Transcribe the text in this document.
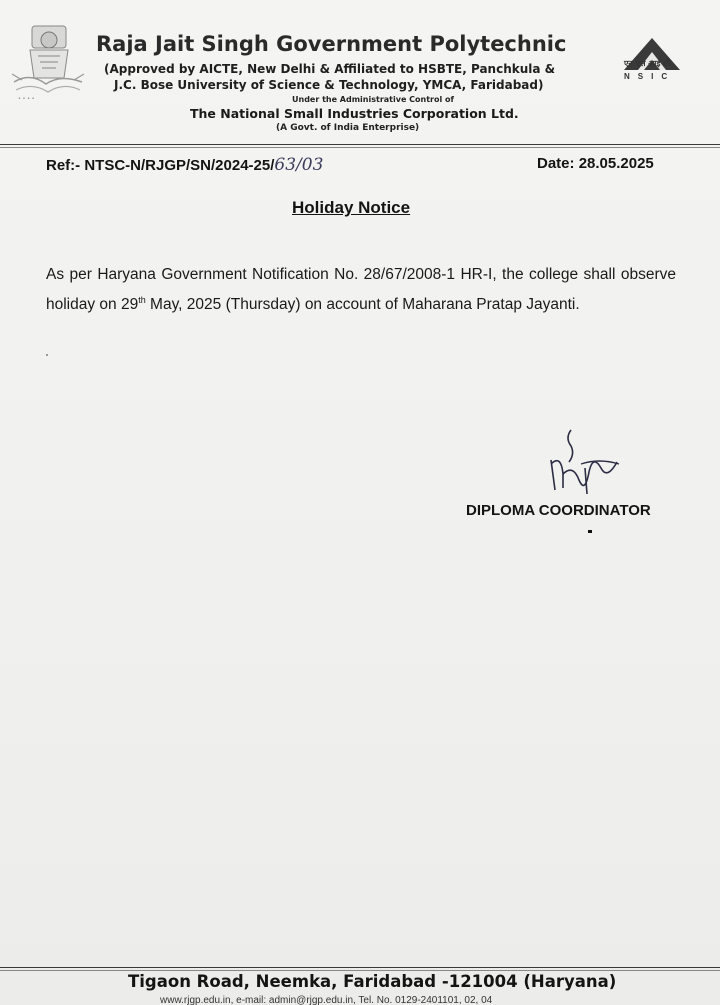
• • • •
एन एस आई सी
NSIC
Raja Jait Singh Government Polytechnic
(Approved by AICTE, New Delhi & Affiliated to HSBTE, Panchkula &
J.C. Bose University of Science & Technology, YMCA, Faridabad)
Under the Administrative Control of
The National Small Industries Corporation Ltd.
(A Govt. of India Enterprise)
Ref:- NTSC-N/RJGP/SN/2024-25/63/03	Date: 28.05.2025
Holiday Notice
As per Haryana Government Notification No. 28/67/2008-1 HR-I, the college shall observe holiday on 29th May, 2025 (Thursday) on account of Maharana Pratap Jayanti.
DIPLOMA COORDINATOR
Tigaon Road, Neemka, Faridabad -121004 (Haryana)
www.rjgp.edu.in, e-mail: admin@rjgp.edu.in, Tel. No. 0129-2401101, 02, 04
